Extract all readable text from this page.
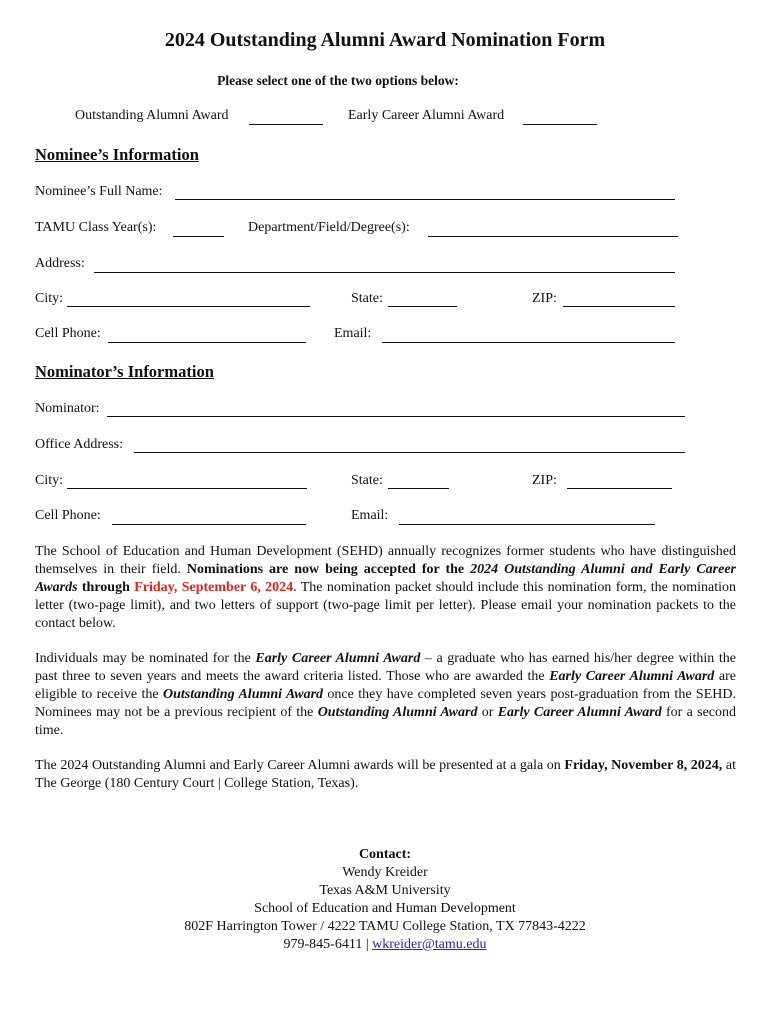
2024 Outstanding Alumni Award Nomination Form
Please select one of the two options below:
Outstanding Alumni Award	Early Career Alumni Award
Nominee’s Information
Nominee’s Full Name:
TAMU Class Year(s):	Department/Field/Degree(s):
Address:
City:	State:	ZIP:
Cell Phone:	Email:
Nominator’s Information
Nominator:
Office Address:
City:	State:	ZIP:
Cell Phone:	Email:
The School of Education and Human Development (SEHD) annually recognizes former students who have distinguished themselves in their field. Nominations are now being accepted for the 2024 Outstanding Alumni and Early Career Awards through Friday, September 6, 2024. The nomination packet should include this nomination form, the nomination letter (two-page limit), and two letters of support (two-page limit per letter). Please email your nomination packets to the contact below.
Individuals may be nominated for the Early Career Alumni Award – a graduate who has earned his/her degree within the past three to seven years and meets the award criteria listed. Those who are awarded the Early Career Alumni Award are eligible to receive the Outstanding Alumni Award once they have completed seven years post-graduation from the SEHD. Nominees may not be a previous recipient of the Outstanding Alumni Award or Early Career Alumni Award for a second time.
The 2024 Outstanding Alumni and Early Career Alumni awards will be presented at a gala on Friday, November 8, 2024, at The George (180 Century Court | College Station, Texas).
Contact:
Wendy Kreider
Texas A&M University
School of Education and Human Development
802F Harrington Tower / 4222 TAMU College Station, TX 77843-4222
979-845-6411 | wkreider@tamu.edu
